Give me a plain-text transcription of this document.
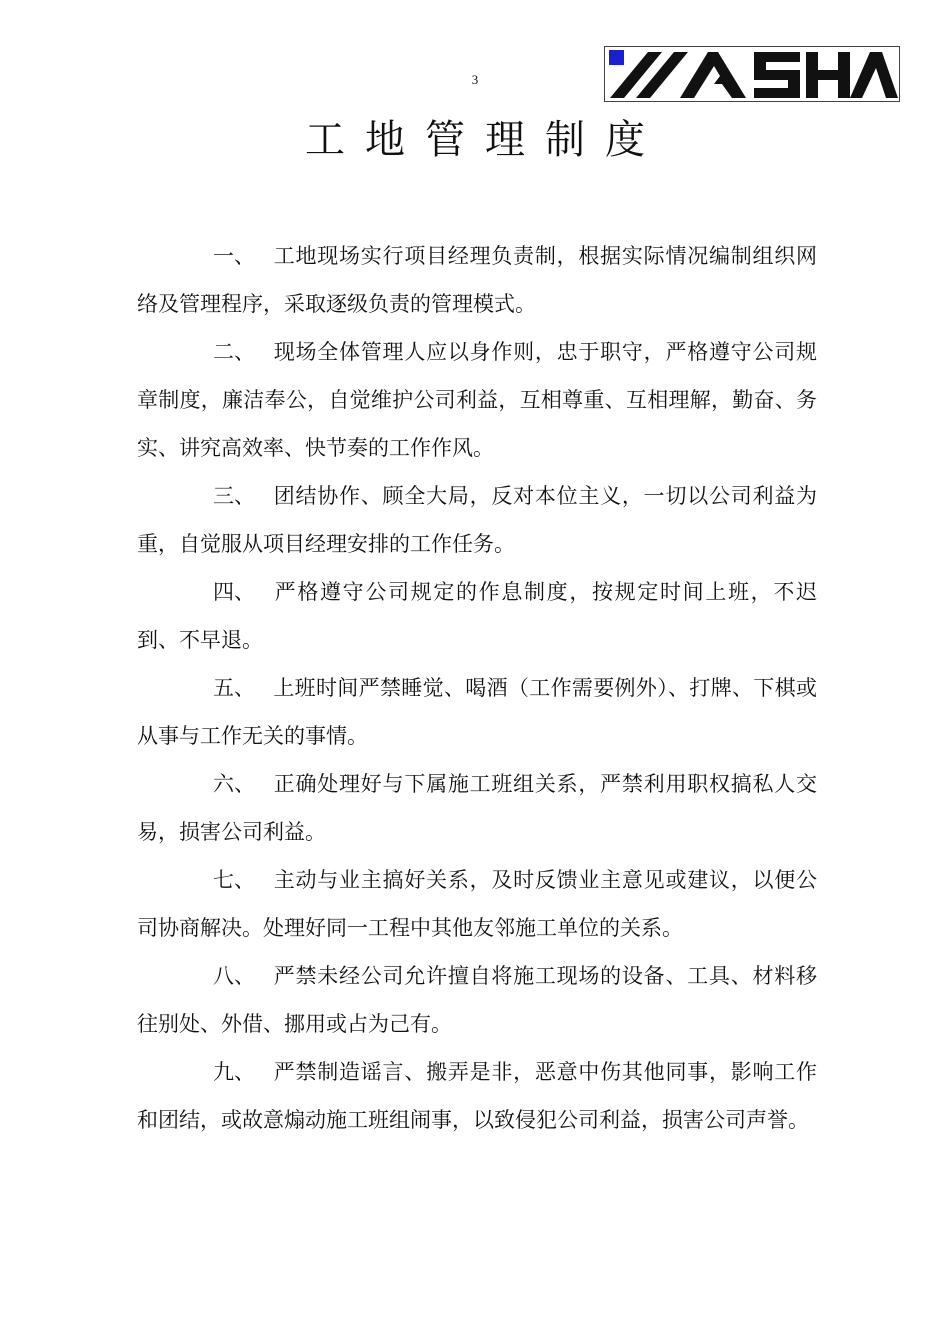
3
工地管理制度

一、 工地现场实行项目经理负责制，根据实际情况编制组织网络及管理程序，采取逐级负责的管理模式。

二、 现场全体管理人应以身作则，忠于职守，严格遵守公司规章制度，廉洁奉公，自觉维护公司利益，互相尊重、互相理解，勤奋、务实、讲究高效率、快节奏的工作作风。

三、 团结协作、顾全大局，反对本位主义，一切以公司利益为重，自觉服从项目经理安排的工作任务。

四、 严格遵守公司规定的作息制度，按规定时间上班，不迟到、不早退。

五、 上班时间严禁睡觉、喝酒（工作需要例外）、打牌、下棋或从事与工作无关的事情。

六、 正确处理好与下属施工班组关系，严禁利用职权搞私人交易，损害公司利益。

七、 主动与业主搞好关系，及时反馈业主意见或建议，以便公司协商解决。处理好同一工程中其他友邻施工单位的关系。

八、 严禁未经公司允许擅自将施工现场的设备、工具、材料移往别处、外借、挪用或占为己有。

九、 严禁制造谣言、搬弄是非，恶意中伤其他同事，影响工作和团结，或故意煽动施工班组闹事，以致侵犯公司利益，损害公司声誉。
